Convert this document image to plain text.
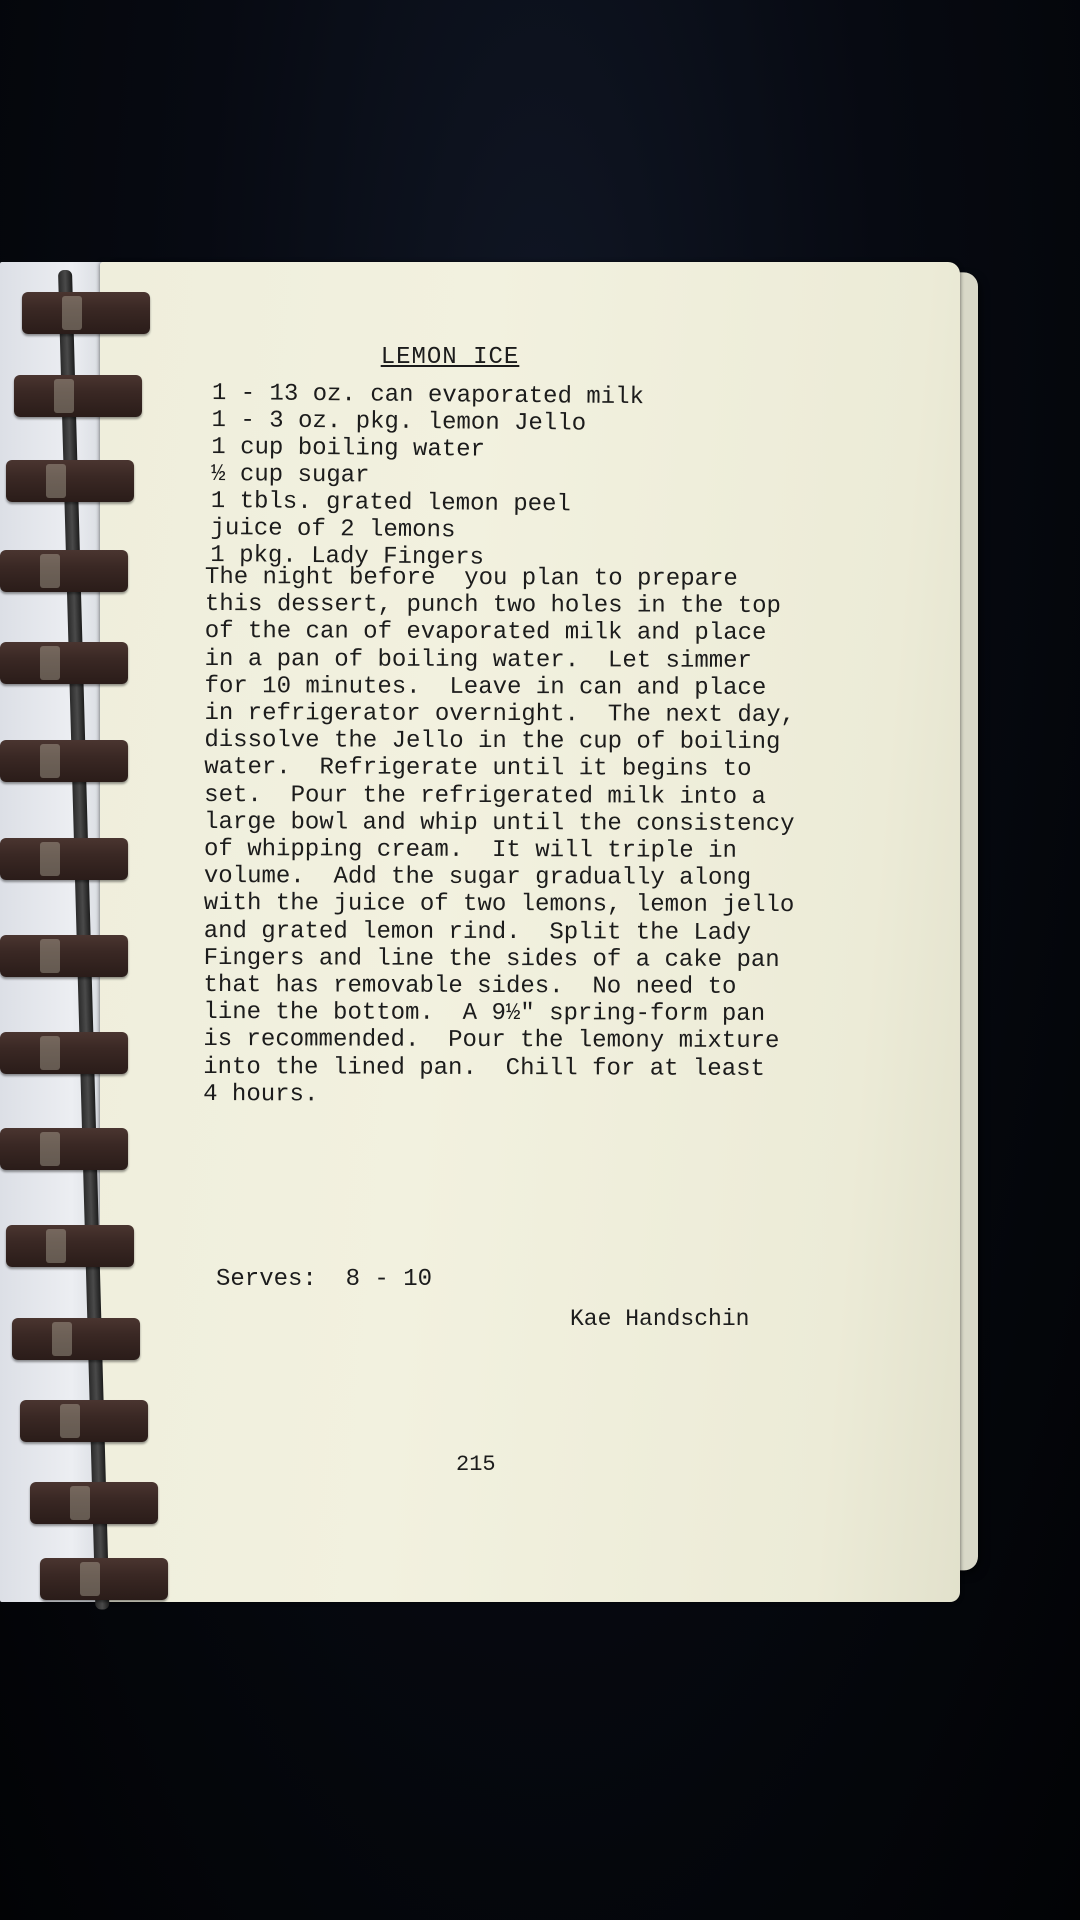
LEMON ICE
1 - 13 oz. can evaporated milk
1 - 3 oz. pkg. lemon Jello
1 cup boiling water
½ cup sugar
1 tbls. grated lemon peel
juice of 2 lemons
1 pkg. Lady Fingers
The night before  you plan to prepare
this dessert, punch two holes in the top
of the can of evaporated milk and place
in a pan of boiling water.  Let simmer
for 10 minutes.  Leave in can and place
in refrigerator overnight.  The next day,
dissolve the Jello in the cup of boiling
water.  Refrigerate until it begins to
set.  Pour the refrigerated milk into a
large bowl and whip until the consistency
of whipping cream.  It will triple in
volume.  Add the sugar gradually along
with the juice of two lemons, lemon jello
and grated lemon rind.  Split the Lady
Fingers and line the sides of a cake pan
that has removable sides.  No need to
line the bottom.  A 9½" spring-form pan
is recommended.  Pour the lemony mixture
into the lined pan.  Chill for at least
4 hours.
Serves:  8 - 10
Kae Handschin
215
